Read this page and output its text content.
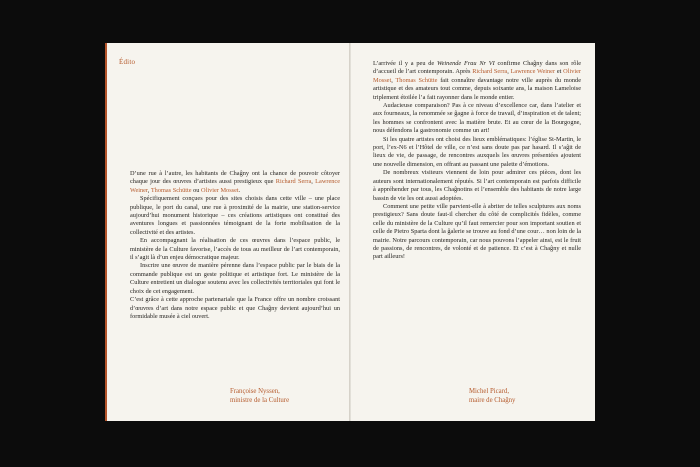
Édito

D’une rue à l’autre, les habitants de Chaĝny ont la chance de pouvoir côtoyer chaque jour des œuvres d’artistes aussi prestigieux que Richard Serra, Lawrence Weiner, Thomas Schütte ou Olivier Mosset.

Spécifiquement conçues pour des sites choisis dans cette ville – une place publique, le port du canal, une rue à proximité de la mairie, une station-service aujourd’hui monument historique – ces créations artistiques ont constitué des aventures longues et passionnées témoignant de la forte mobilisation de la collectivité et des artistes.

En accompagnant la réalisation de ces œuvres dans l’espace public, le ministère de la Culture favorise, l’accès de tous au meilleur de l’art contemporain, il s’agit là d’un enjeu démocratique majeur.

Inscrire une œuvre de manière pérenne dans l’espace public par le biais de la commande publique est un geste politique et artistique fort. Le ministère de la Culture entretient un dialogue soutenu avec les collectivités territoriales qui font le choix de cet engagement.

C’est grâce à cette approche partenariale que la France offre un nombre croissant d’œuvres d’art dans notre espace public et que Chaĝny devient aujourd’hui un formidable musée à ciel ouvert.

Françoise Nyssen,
ministre de la Culture

L’arrivée il y a peu de Weinende Frau Nr VI confirme Chaĝny dans son rôle d’accueil de l’art contemporain. Après Richard Serra, Lawrence Weiner et Olivier Mosset, Thomas Schütte fait connaître davantage notre ville auprès du monde artistique et des amateurs tout comme, depuis soixante ans, la maison Lameloise triplement étoilée l’a fait rayonner dans le monde entier.

Audacieuse comparaison? Pas à ce niveau d’excellence car, dans l’atelier et aux fourneaux, la renommée se ĝagne à force de travail, d’inspiration et de talent; les hommes se confrontent avec la matière brute. Et au cœur de la Bourgogne, nous défendons la gastronomie comme un art!

Si les quatre artistes ont choisi des lieux emblématiques: l’église St-Martin, le port, l’ex-N6 et l’Hôtel de ville, ce n’est sans doute pas par hasard. Il s’aĝit de lieux de vie, de passage, de rencontres auxquels les œuvres présentées ajoutent une nouvelle dimension, en offrant au passant une palette d’émotions.

De nombreux visiteurs viennent de loin pour admirer ces pièces, dont les auteurs sont internationalement réputés. Si l’art contemporain est parfois difficile à appréhender par tous, les Chaĝnotins et l’ensemble des habitants de notre large bassin de vie les ont aussi adoptées.

Comment une petite ville parvient-elle à abriter de telles sculptures aux noms prestigieux? Sans doute faut-il chercher du côté de complicités fidèles, comme celle du ministère de la Culture qu’il faut remercier pour son important soutien et celle de Pietro Sparta dont la ĝalerie se trouve au fond d’une cour… non loin de la mairie. Notre parcours contemporain, car nous pouvons l’appeler ainsi, est le fruit de passions, de rencontres, de volonté et de patience. Et c’est à Chaĝny et nulle part ailleurs!

Michel Picard,
maire de Chaĝny
